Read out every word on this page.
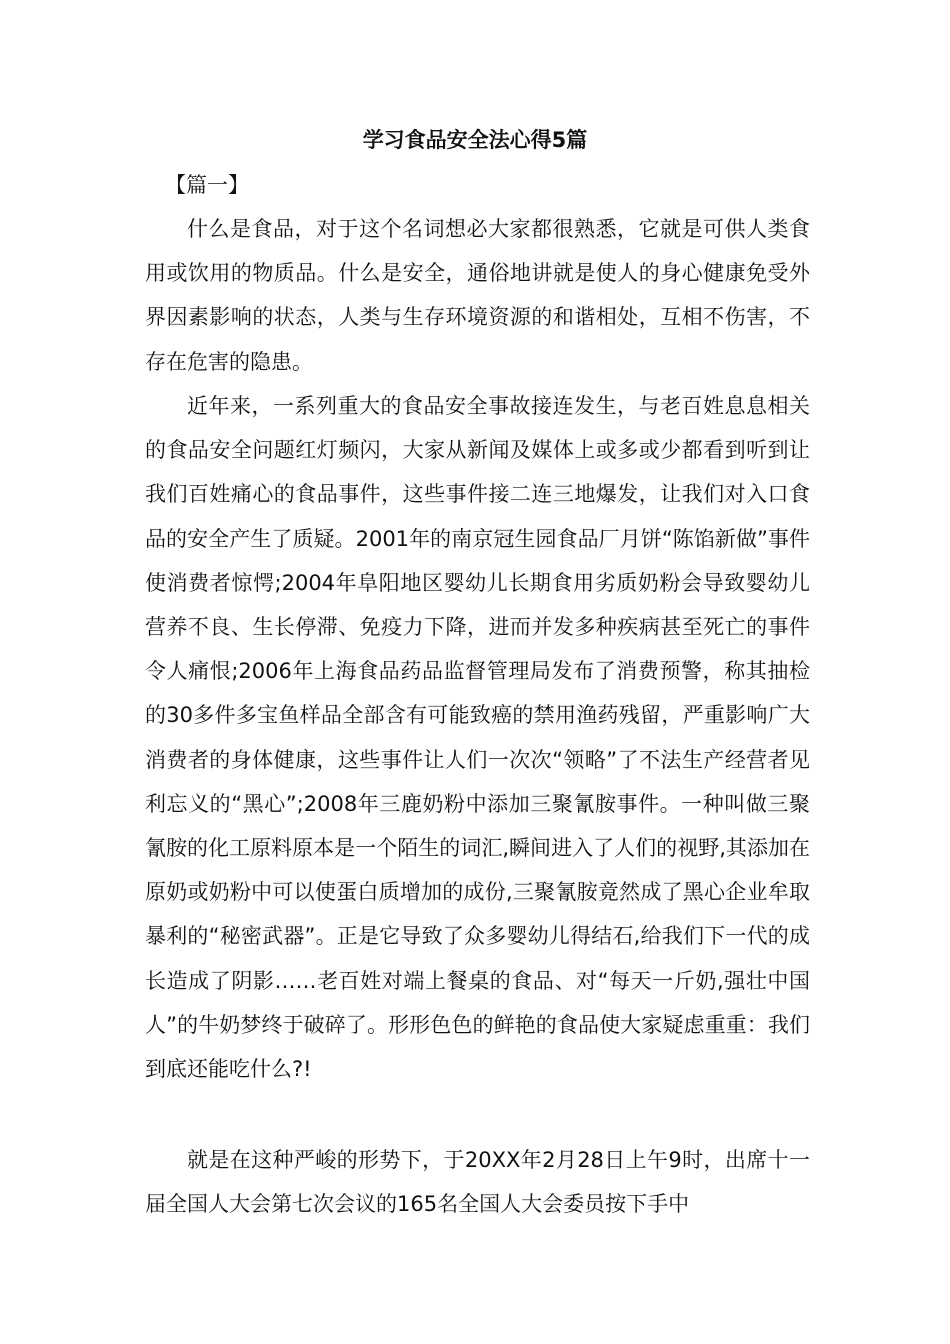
学习食品安全法心得5篇

【篇一】

什么是食品，对于这个名词想必大家都很熟悉，它就是可供人类食用或饮用的物质品。什么是安全，通俗地讲就是使人的身心健康免受外界因素影响的状态，人类与生存环境资源的和谐相处，互相不伤害，不存在危害的隐患。

近年来，一系列重大的食品安全事故接连发生，与老百姓息息相关的食品安全问题红灯频闪，大家从新闻及媒体上或多或少都看到听到让我们百姓痛心的食品事件，这些事件接二连三地爆发，让我们对入口食品的安全产生了质疑。2001年的南京冠生园食品厂月饼“陈馅新做”事件使消费者惊愕;2004年阜阳地区婴幼儿长期食用劣质奶粉会导致婴幼儿营养不良、生长停滞、免疫力下降，进而并发多种疾病甚至死亡的事件令人痛恨;2006年上海食品药品监督管理局发布了消费预警，称其抽检的30多件多宝鱼样品全部含有可能致癌的禁用渔药残留，严重影响广大消费者的身体健康，这些事件让人们一次次“领略”了不法生产经营者见利忘义的“黑心”;2008年三鹿奶粉中添加三聚氰胺事件。一种叫做三聚氰胺的化工原料原本是一个陌生的词汇,瞬间进入了人们的视野,其添加在原奶或奶粉中可以使蛋白质增加的成份,三聚氰胺竟然成了黑心企业牟取暴利的“秘密武器”。正是它导致了众多婴幼儿得结石,给我们下一代的成长造成了阴影……老百姓对端上餐桌的食品、对“每天一斤奶,强壮中国人”的牛奶梦终于破碎了。形形色色的鲜艳的食品使大家疑虑重重：我们到底还能吃什么?!

就是在这种严峻的形势下，于20XX年2月28日上午9时，出席十一届全国人大会第七次会议的165名全国人大会委员按下手中
